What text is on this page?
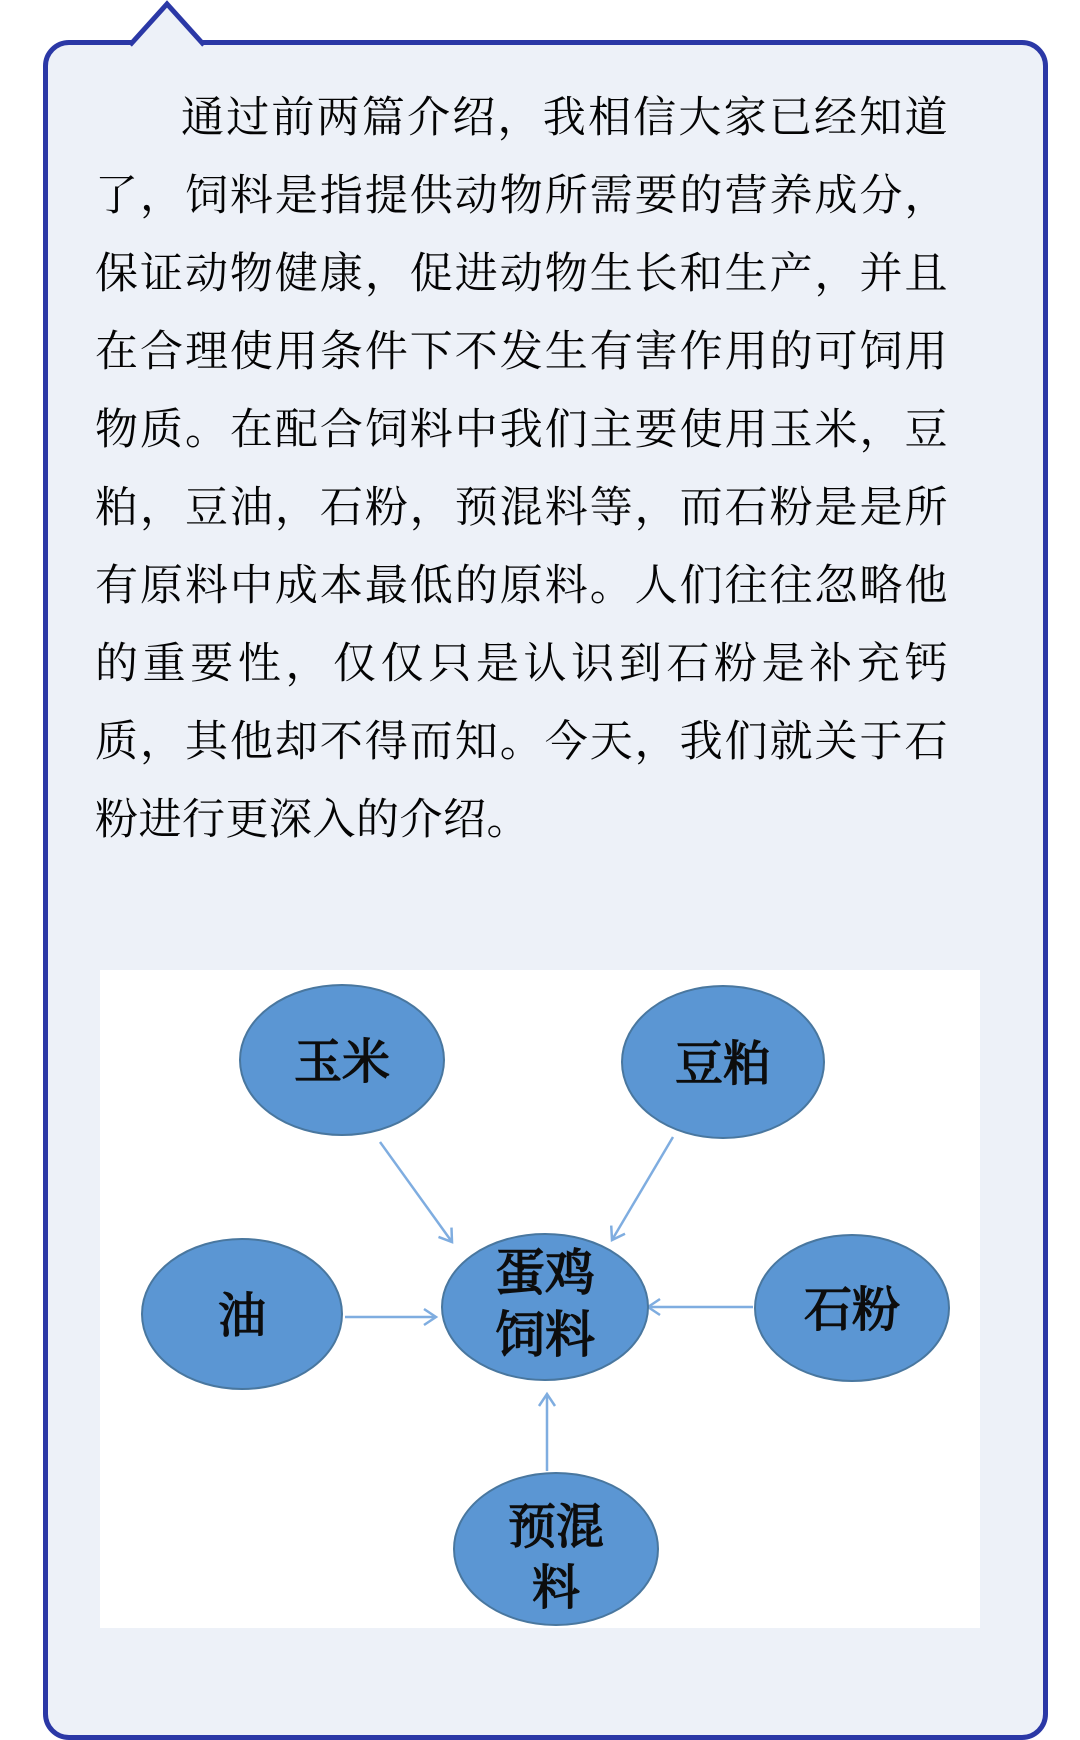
通过前两篇介绍，我相信大家已经知道了，饲料是指提供动物所需要的营养成分，保证动物健康，促进动物生长和生产，并且在合理使用条件下不发生有害作用的可饲用物质。在配合饲料中我们主要使用玉米，豆粕，豆油，石粉，预混料等，而石粉是是所有原料中成本最低的原料。人们往往忽略他的重要性，仅仅只是认识到石粉是补充钙质，其他却不得而知。今天，我们就关于石粉进行更深入的介绍。

玉米	豆粕
油
蛋鸡
饲料	石粉
预混
料
